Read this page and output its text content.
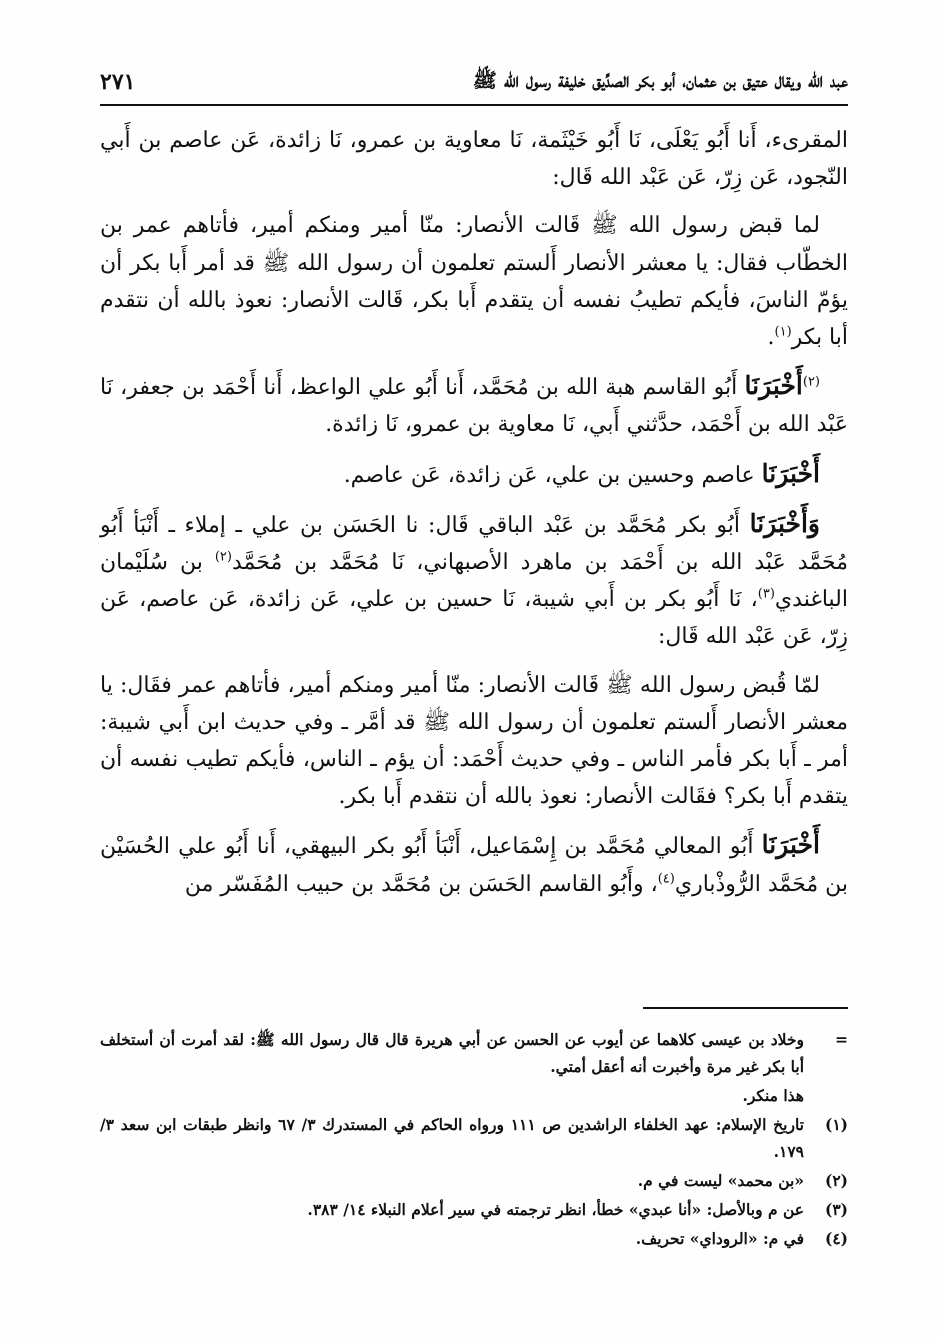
عبد الله ويقال عتيق بن عثمان، أبو بكر الصدِّيق خليفة رسول الله ﷺ
٢٧١

المقرىء، أَنا أَبُو يَعْلَى، نَا أَبُو خَيْثَمة، نَا معاوية بن عمرو، نَا زائدة، عَن عاصم بن أَبي النّجود، عَن زِرّ، عَن عَبْد الله قَال:

لما قبض رسول الله ﷺ قَالت الأنصار: منّا أمير ومنكم أمير، فأتاهم عمر بن الخطّاب فقال: يا معشر الأنصار أَلستم تعلمون أن رسول الله ﷺ قد أمر أَبا بكر أن يؤمّ الناسَ، فأيكم تطيبُ نفسه أن يتقدم أَبا بكر، قَالت الأنصار: نعوذ بالله أن نتقدم أبا بكر$^{(١)}$.

$^{(٢)}$أَخْبَرَنَا أَبُو القاسم هبة الله بن مُحَمَّد، أَنا أَبُو علي الواعظ، أَنا أَحْمَد بن جعفر، نَا عَبْد الله بن أَحْمَد، حدَّثني أَبي، نَا معاوية بن عمرو، نَا زائدة.

أَخْبَرَنَا عاصم وحسين بن علي، عَن زائدة، عَن عاصم.

وَأَخْبَرَنَا أَبُو بكر مُحَمَّد بن عَبْد الباقي قَال: نا الحَسَن بن علي ـ إملاء ـ أَنْبَأ أَبُو مُحَمَّد عَبْد الله بن أَحْمَد بن ماهرد الأصبهاني، نَا مُحَمَّد بن مُحَمَّد$^{(٢)}$ بن سُلَيْمان الباغندي$^{(٣)}$، نَا أَبُو بكر بن أَبي شيبة، نَا حسين بن علي، عَن زائدة، عَن عاصم، عَن زِرّ، عَن عَبْد الله قَال:

لمّا قُبض رسول الله ﷺ قَالت الأنصار: منّا أمير ومنكم أمير، فأتاهم عمر فقَال: يا معشر الأنصار أَلستم تعلمون أن رسول الله ﷺ قد أمَّر ـ وفي حديث ابن أَبي شيبة: أمر ـ أَبا بكر فأمر الناس ـ وفي حديث أَحْمَد: أن يؤم ـ الناس، فأيكم تطيب نفسه أن يتقدم أَبا بكر؟ فقَالت الأنصار: نعوذ بالله أن نتقدم أَبا بكر.

أَخْبَرَنَا أَبُو المعالي مُحَمَّد بن إِسْمَاعيل، أَنْبَأ أَبُو بكر البيهقي، أَنا أَبُو علي الحُسَيْن بن مُحَمَّد الرُّوذْباري$^{(٤)}$، وأَبُو القاسم الحَسَن بن مُحَمَّد بن حبيب المُفَسّر من

=
وخلاد بن عيسى كلاهما عن أيوب عن الحسن عن أبي هريرة قال قال رسول الله ﷺ: لقد أمرت أن أستخلف أبا بكر غير مرة وأخبرت أنه أعقل أمتي.
هذا منكر.
(١)
تاريخ الإسلام: عهد الخلفاء الراشدين ص ١١١ ورواه الحاكم في المستدرك ٣/ ٦٧ وانظر طبقات ابن سعد ٣/ ١٧٩.
(٢)
«بن محمد» ليست في م.
(٣)
عن م وبالأصل: «أنا عبدي» خطأ، انظر ترجمته في سير أعلام النبلاء ١٤/ ٣٨٣.
(٤)
في م: «الروداي» تحريف.
